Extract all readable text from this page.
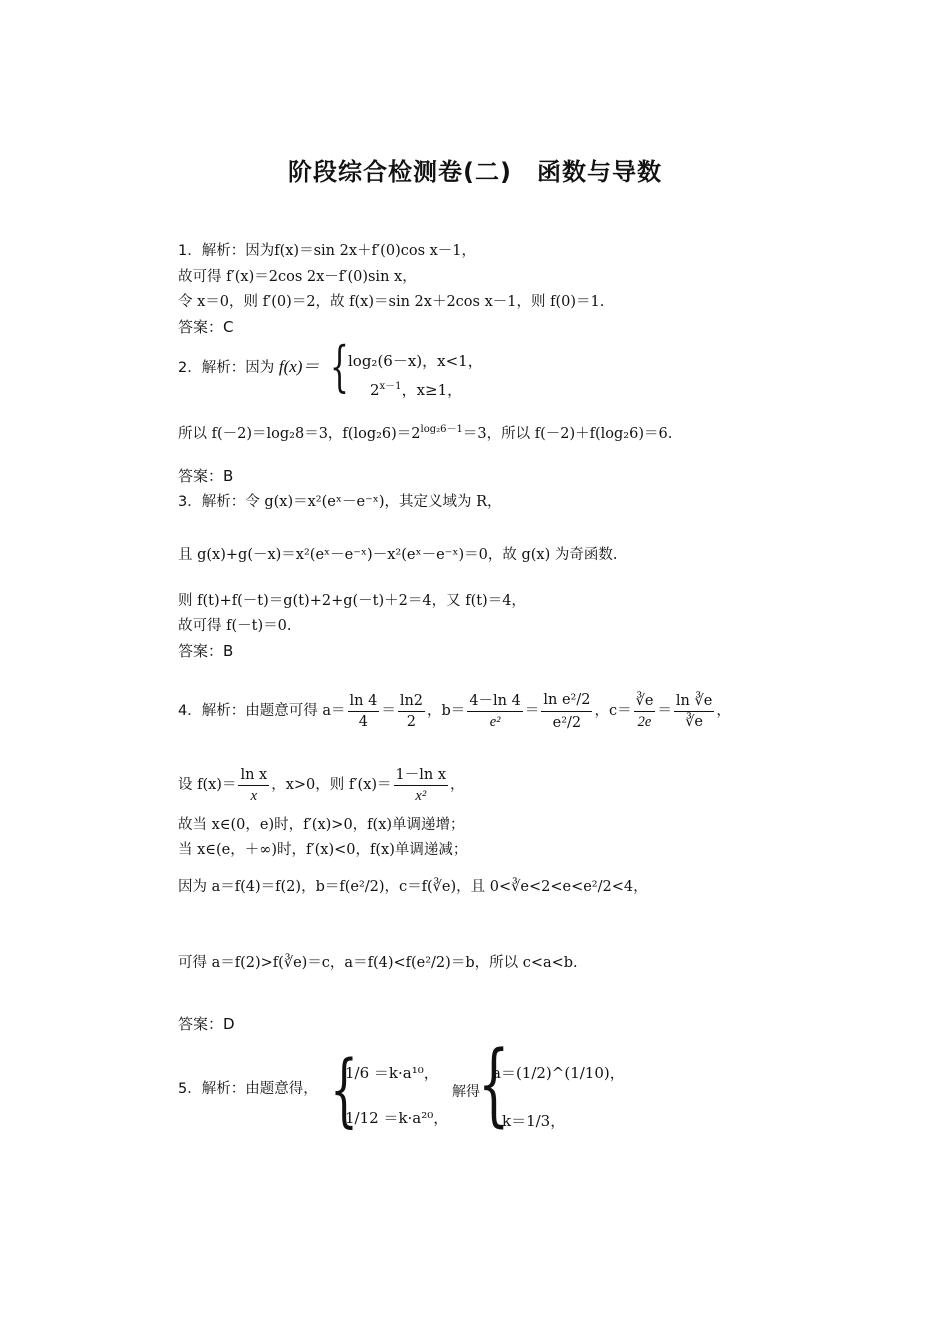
阶段综合检测卷(二)　函数与导数
1．解析：因为f(x)＝sin 2x＋f′(0)cos x－1，
故可得 f′(x)＝2cos 2x－f′(0)sin x，
令 x＝0，则 f′(0)＝2，故 f(x)＝sin 2x＋2cos x－1，则 f(0)＝1.
答案：C
2．解析：因为 f(x)＝ { log₂(6－x)，x<1，
$2^{x-1}$，x≥1，
所以 f(－2)＝log₂8＝3，$f(\log_26)=2^{log_26-1}=3$，所以 f(－2)＋f(log₂6)＝6.
答案：B
3．解析：令 g(x)＝x²(eˣ－e⁻ˣ)，其定义域为 R，
且 g(x)+g(－x)＝x²(eˣ－e⁻ˣ)－x²(eˣ－e⁻ˣ)＝0，故 g(x) 为奇函数.
则 f(t)+f(－t)＝g(t)+2+g(－t)＋2＝4，又 f(t)＝4，
故可得 f(－t)＝0.
答案：B
4．解析：由题意可得 $a= \frac{\ln 4}{4} = \frac{\ln 2}{2}$ ，$b= \frac{4-\ln 4}{\text{e²}} = \frac{\text{ln e²/2}}{\text{e²/2}}$ ，$c= \frac{∛e}{2e} = \frac{\ln ∛e}{∛e}$ ，
设 $f(x)= \frac{\text{ln x}}{x}$ ，x>0，则 $f'(x)= \frac{\text{1－ln x}}{\text{x²}}$ ，
故当 x∈(0，e)时，f′(x)>0，f(x)单调递增；
当 x∈(e，＋∞)时，f′(x)<0，f(x)单调递减；
因为 a＝f(4)＝f(2)，b＝f(e²/2)，c＝f(∛e)，且 0<∛e<2<e<e²/2<4，
可得 a＝f(2)>f(∛e)＝c，a＝f(4)<f(e²/2)＝b，所以 c<a<b.
答案：D
5．解析：由题意得， {
1/6 ＝k·a¹⁰，
1/12 ＝k·a²⁰，
解得
{
a＝(1/2)^(1/10)，
k＝1/3，
